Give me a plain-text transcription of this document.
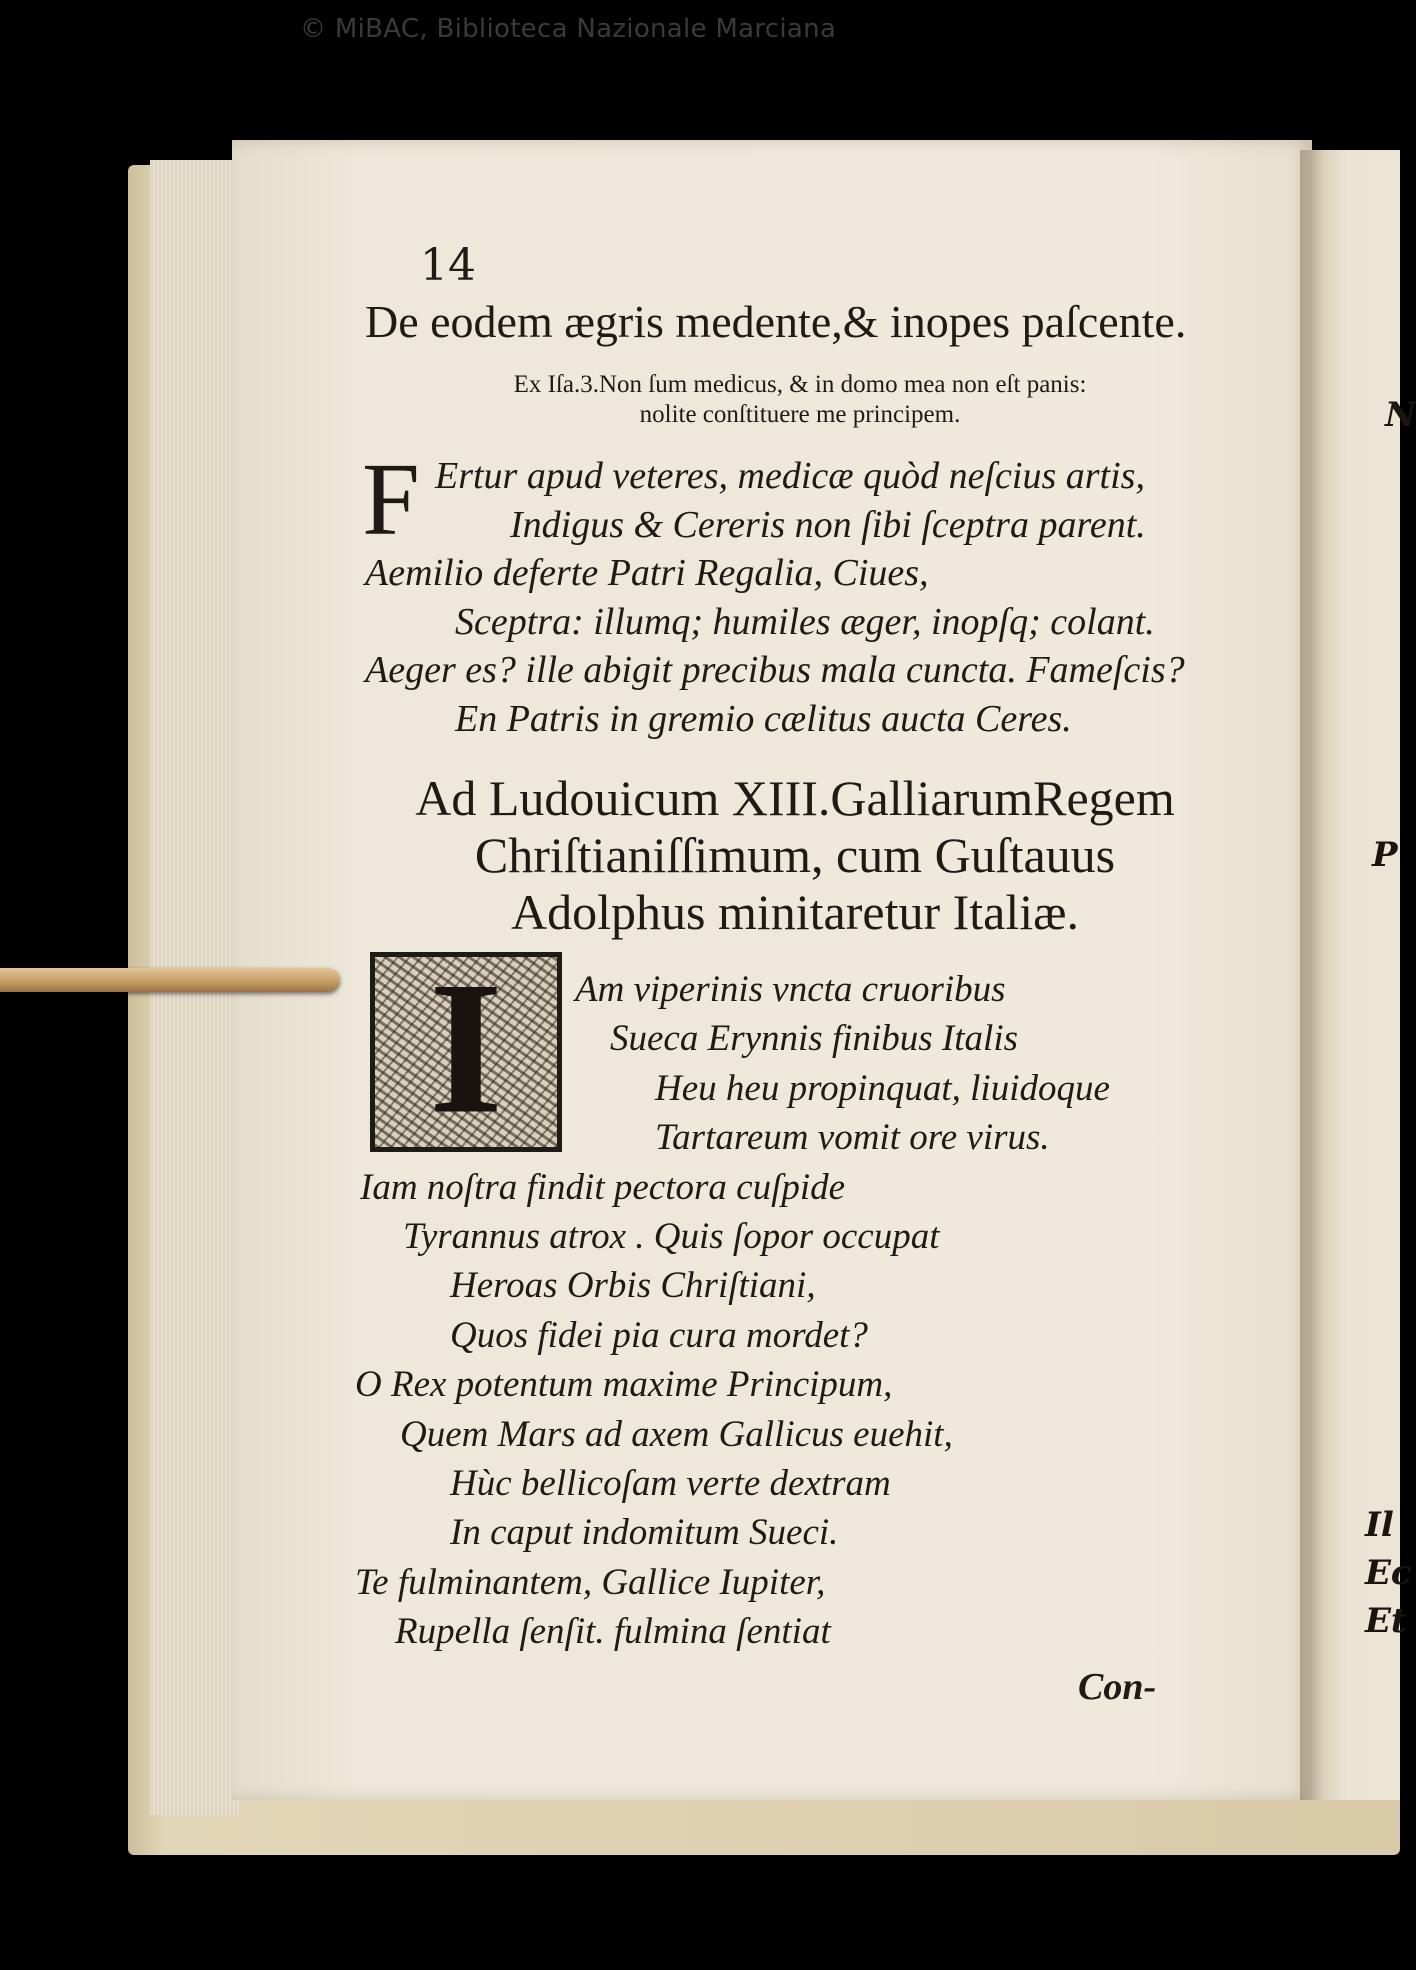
© MiBAC, Biblioteca Nazionale Marciana
N
P
Il
Ec
Et
14
De eodem ægris medente,& inopes paſcente.
Ex Iſa.3.Non ſum medicus, & in domo mea non eſt panis:
nolite conſtituere me principem.
F Ertur apud veteres, medicæ quòd neſcius artis,
Indigus & Cereris non ſibi ſceptra parent.
Aemilio deferte Patri Regalia, Ciues,
Sceptra: illumq; humiles æger, inopſq; colant.
Aeger es? ille abigit precibus mala cuncta. Fameſcis?
En Patris in gremio cælitus aucta Ceres.
Ad Ludouicum XIII.GalliarumRegem
Chriſtianiſſimum, cum Guſtauus
Adolphus minitaretur Italiæ.
I	Am viperinis vncta cruoribus
Sueca Erynnis finibus Italis
Heu heu propinquat, liuidoque
Tartareum vomit ore virus.
Iam noſtra findit pectora cuſpide
Tyrannus atrox . Quis ſopor occupat
Heroas Orbis Chriſtiani,
Quos fidei pia cura mordet?
O Rex potentum maxime Principum,
Quem Mars ad axem Gallicus euehit,
Hùc bellicoſam verte dextram
In caput indomitum Sueci.
Te fulminantem, Gallice Iupiter,
Rupella ſenſit. fulmina ſentiat
Con-
